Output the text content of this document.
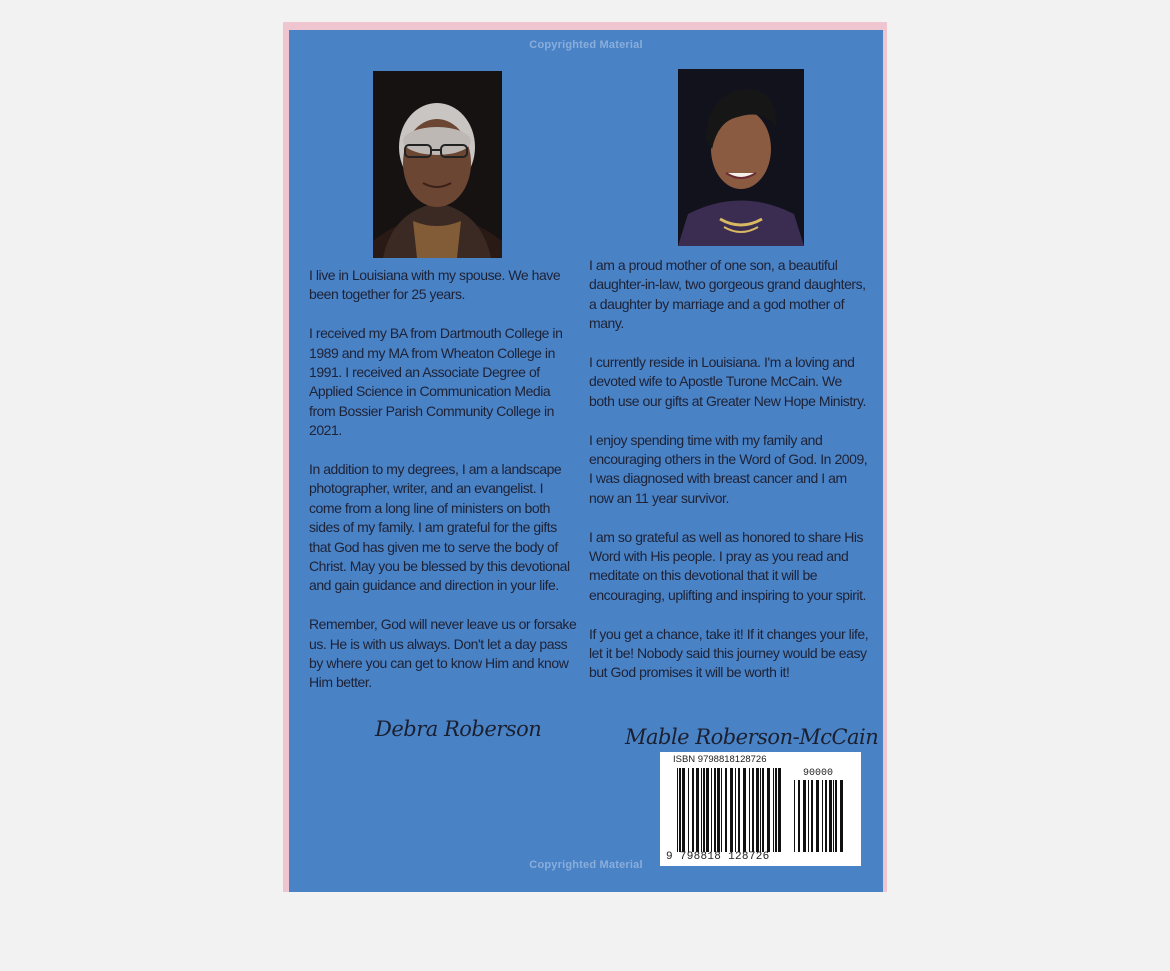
Copyrighted Material

I live in Louisiana with my spouse. We have been together for 25 years.

I received my BA from Dartmouth College in 1989 and my MA from Wheaton College in 1991. I received an Associate Degree of Applied Science in Communication Media from Bossier Parish Community College in 2021.

In addition to my degrees, I am a landscape photographer, writer, and an evangelist. I come from a long line of ministers on both sides of my family. I am grateful for the gifts that God has given me to serve the body of Christ. May you be blessed by this devotional and gain guidance and direction in your life.

Remember, God will never leave us or forsake us. He is with us always. Don't let a day pass by where you can get to know Him and know Him better.

I am a proud mother of one son, a beautiful daughter-in-law, two gorgeous grand daughters, a daughter by marriage and a god mother of many.

I currently reside in Louisiana. I'm a loving and devoted wife to Apostle Turone McCain. We both use our gifts at Greater New Hope Ministry.

I enjoy spending time with my family and encouraging others in the Word of God. In 2009, I was diagnosed with breast cancer and I am now an 11 year survivor.

I am so grateful as well as honored to share His Word with His people. I pray as you read and meditate on this devotional that it will be encouraging, uplifting and inspiring to your spirit.

If you get a chance, take it! If it changes your life, let it be! Nobody said this journey would be easy but God promises it will be worth it!

Debra Roberson	Mable Roberson-McCain
ISBN 9798818128726
9 798818 128726
90000
Copyrighted Material
